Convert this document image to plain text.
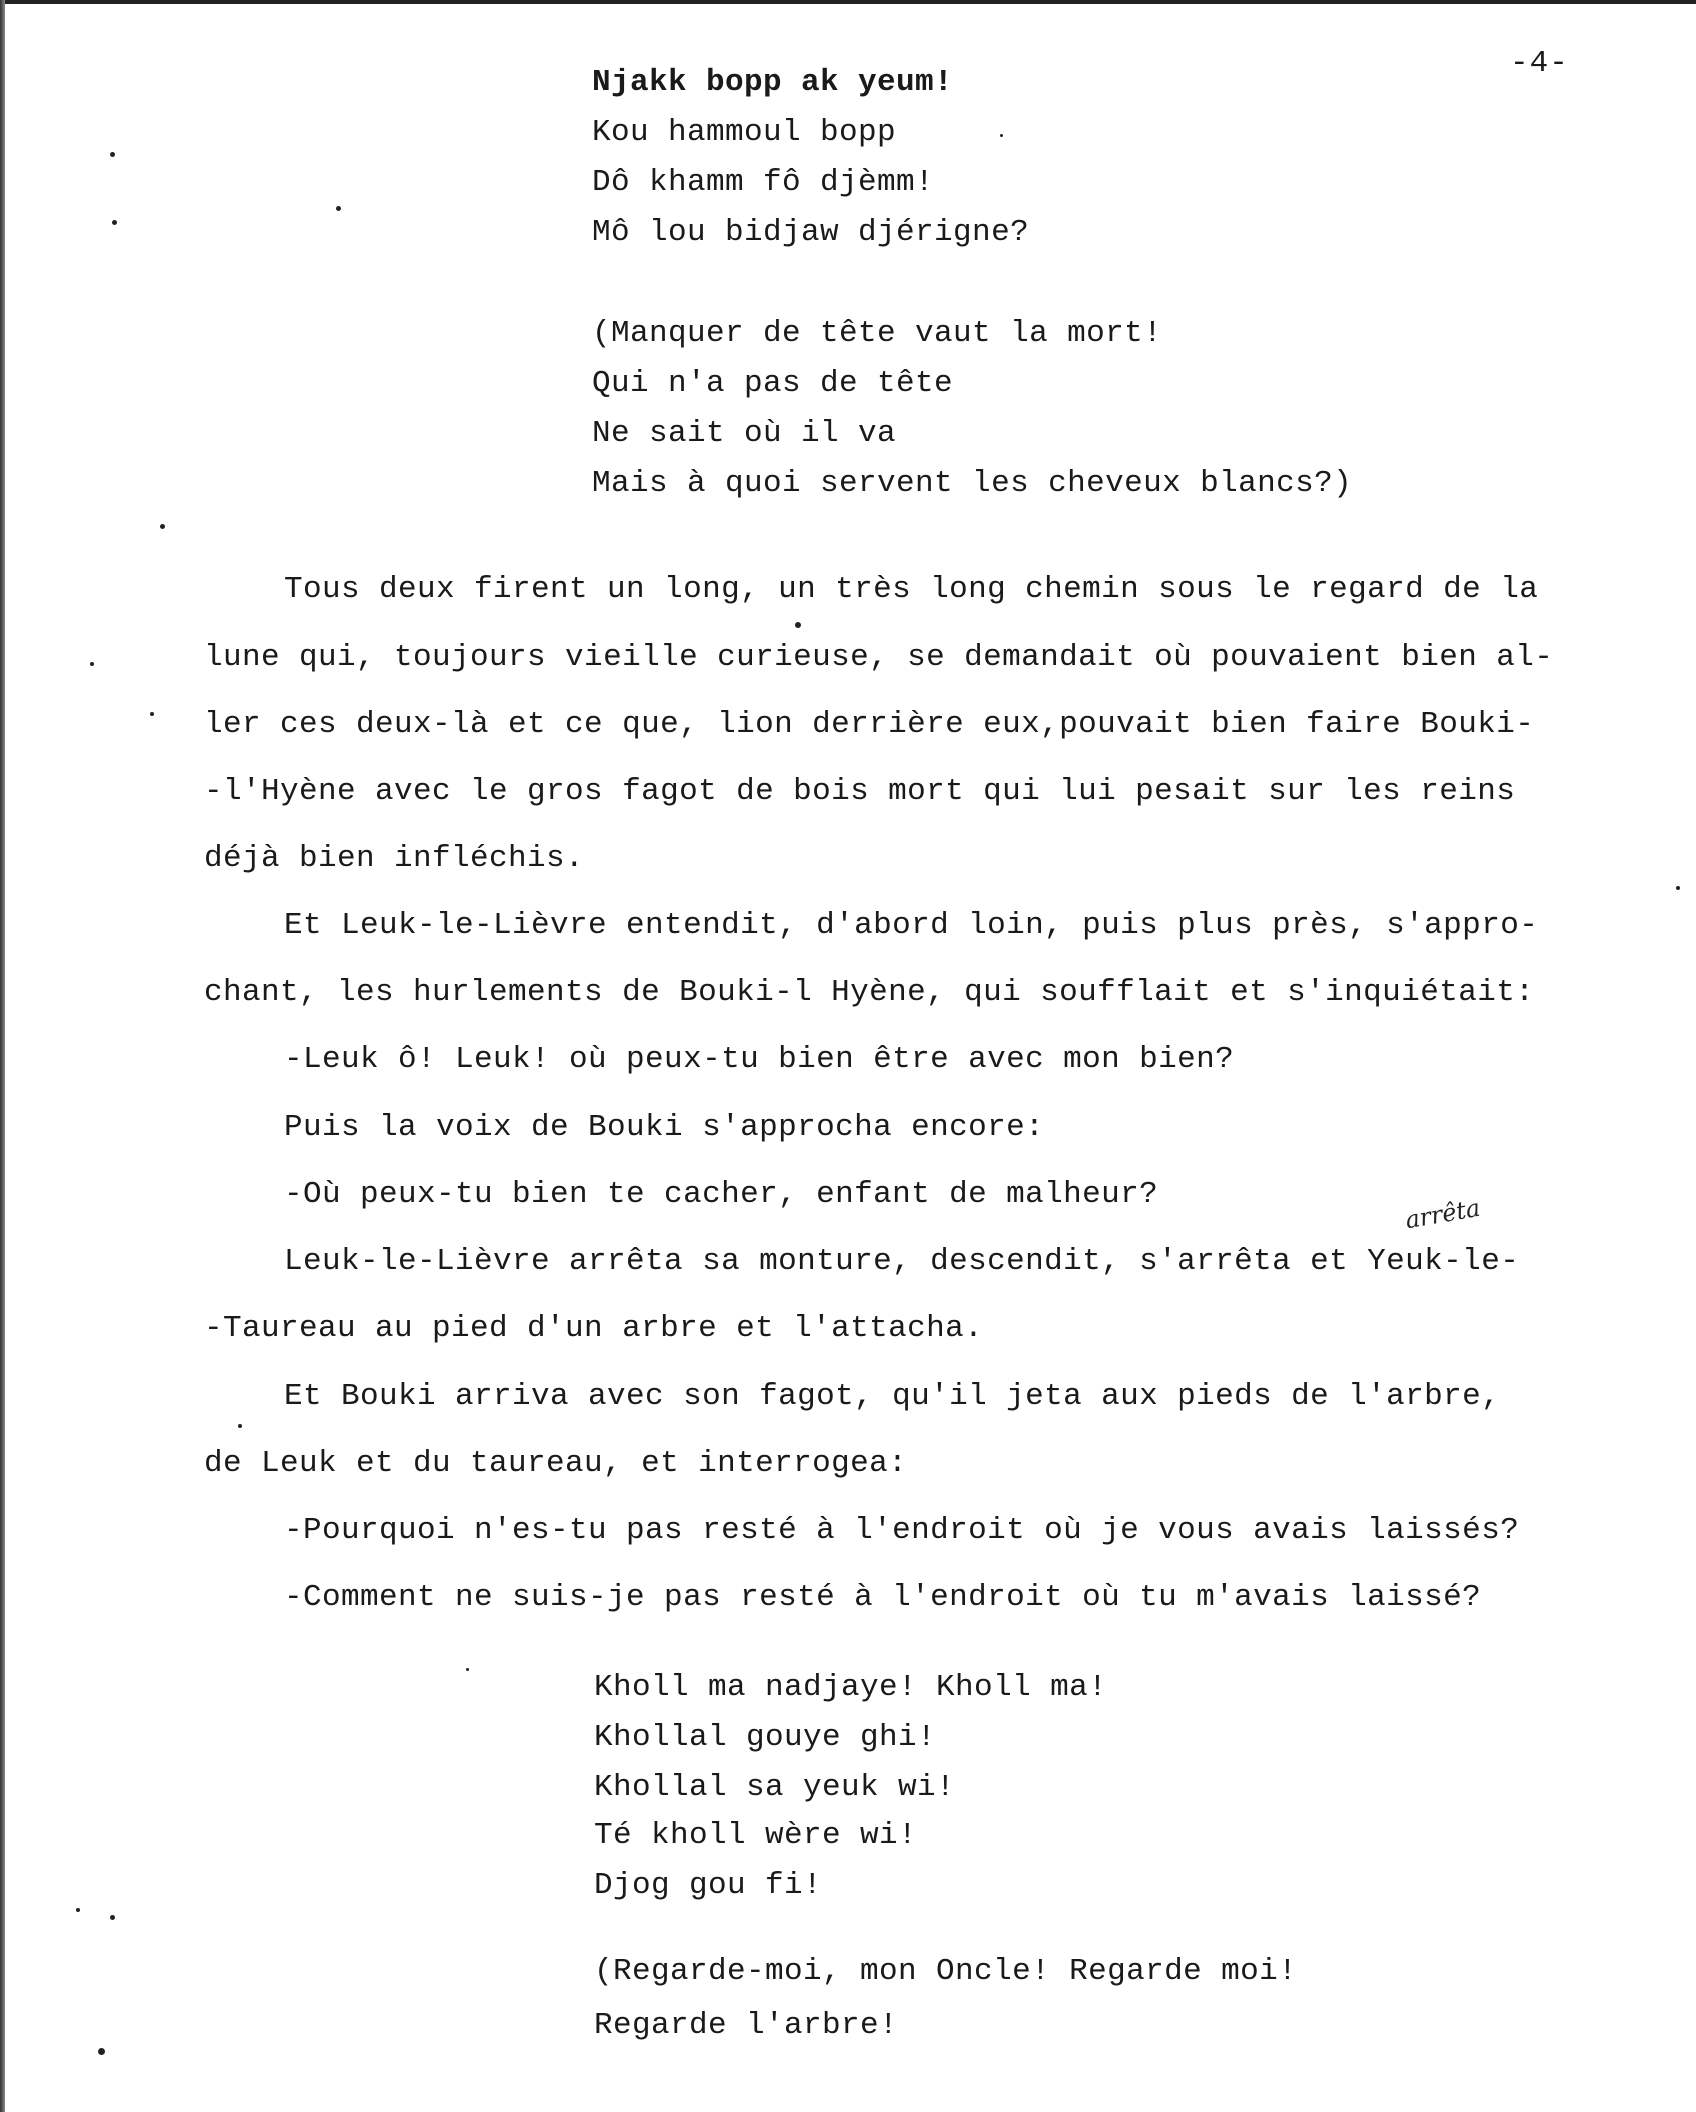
-4-
Njakk bopp ak yeum!
Kou hammoul bopp
Dô khamm fô djèmm!
Mô lou bidjaw djérigne?
(Manquer de tête vaut la mort!
Qui n'a pas de tête
Ne sait où il va
Mais à quoi servent les cheveux blancs?)
Tous deux firent un long, un très long chemin sous le regard de la
lune qui, toujours vieille curieuse, se demandait où pouvaient bien al-
ler ces deux-là et ce que, lion derrière eux,pouvait bien faire Bouki-
-l'Hyène avec le gros fagot de bois mort qui lui pesait sur les reins
déjà bien infléchis.
Et Leuk-le-Lièvre entendit, d'abord loin, puis plus près, s'appro-
chant, les hurlements de Bouki-l Hyène, qui soufflait et s'inquiétait:
-Leuk ô! Leuk! où peux-tu bien être avec mon bien?
Puis la voix de Bouki s'approcha encore:
-Où peux-tu bien te cacher, enfant de malheur?
Leuk-le-Lièvre arrêta sa monture, descendit, s'arrêta et Yeuk-le-
-Taureau au pied d'un arbre et l'attacha.
Et Bouki arriva avec son fagot, qu'il jeta aux pieds de l'arbre,
de Leuk et du taureau, et interrogea:
-Pourquoi n'es-tu pas resté à l'endroit où je vous avais laissés?
-Comment ne suis-je pas resté à l'endroit où tu m'avais laissé?
arrêta
Kholl ma nadjaye! Kholl ma!
Khollal gouye ghi!
Khollal sa yeuk wi!
Té kholl wère wi!
Djog gou fi!
(Regarde-moi, mon Oncle! Regarde moi!
Regarde l'arbre!
